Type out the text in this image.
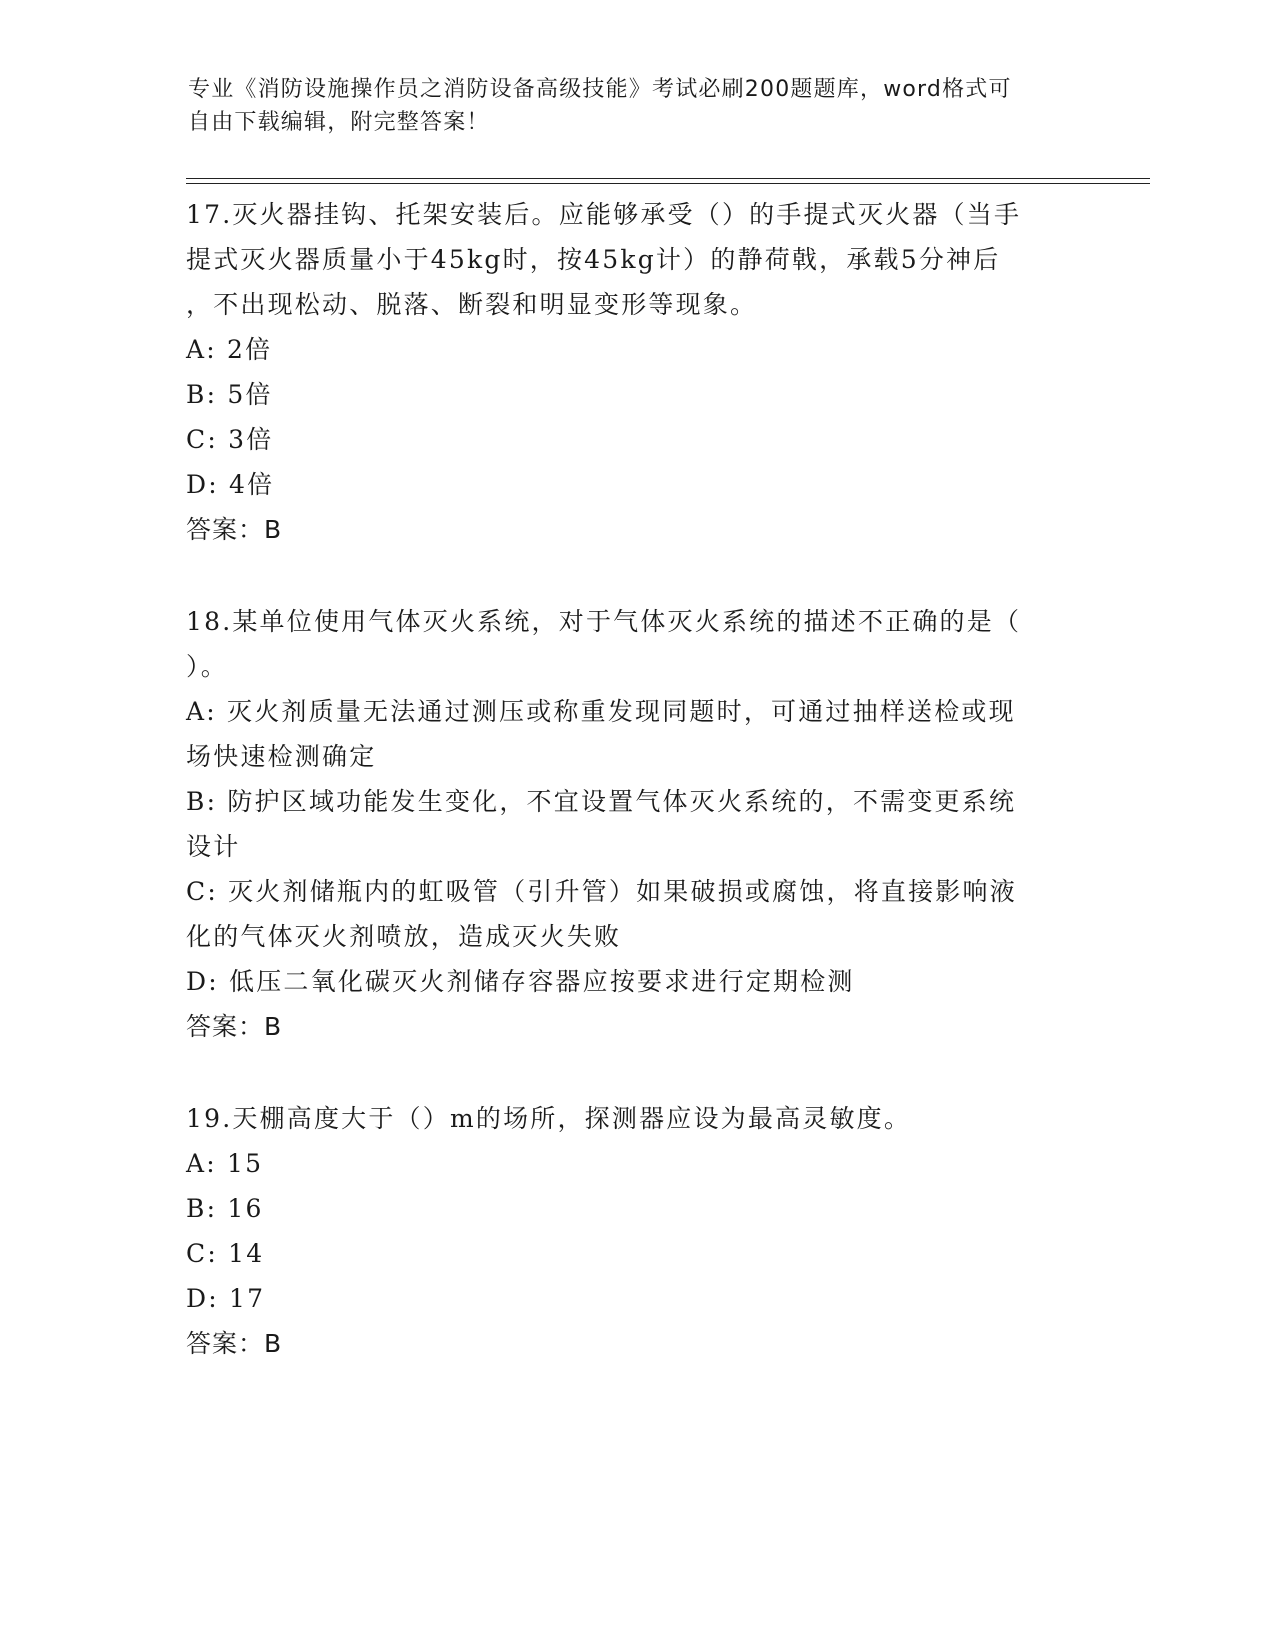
专业《消防设施操作员之消防设备高级技能》考试必刷200题题库，word格式可
自由下载编辑，附完整答案！
17.灭火器挂钩、托架安装后。应能够承受（）的手提式灭火器（当手
提式灭火器质量小于45kg时，按45kg计）的静荷戟，承载5分神后
，不出现松动、脱落、断裂和明显变形等现象。
A: 2倍
B: 5倍
C: 3倍
D: 4倍
答案：B
18.某单位使用气体灭火系统，对于气体灭火系统的描述不正确的是（
）。
A: 灭火剂质量无法通过测压或称重发现同题时，可通过抽样送检或现
场快速检测确定
B: 防护区域功能发生变化，不宜设置气体灭火系统的，不需变更系统
设计
C: 灭火剂储瓶内的虹吸管（引升管）如果破损或腐蚀，将直接影响液
化的气体灭火剂喷放，造成灭火失败
D: 低压二氧化碳灭火剂储存容器应按要求进行定期检测
答案：B
19.天棚高度大于（）m的场所，探测器应设为最高灵敏度。
A: 15
B: 16
C: 14
D: 17
答案：B
